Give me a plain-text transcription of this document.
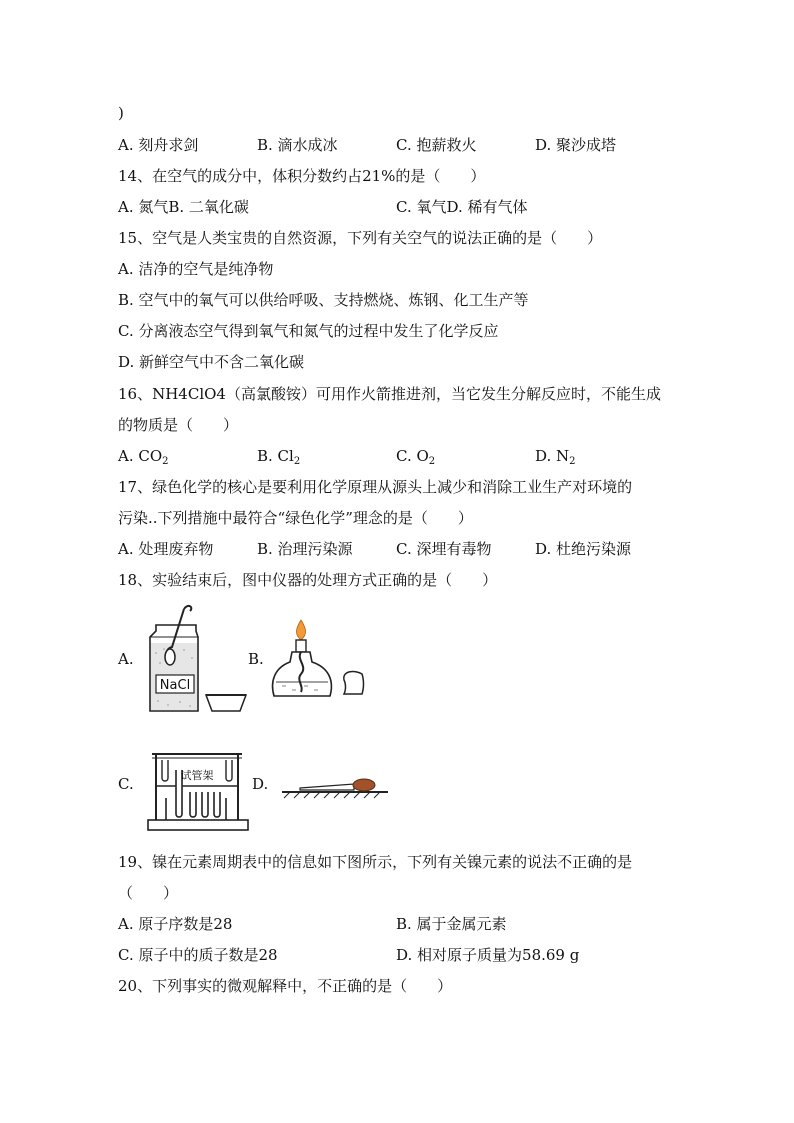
)
A. 刻舟求剑	B. 滴水成冰	C. 抱薪救火	D. 聚沙成塔
14、在空气的成分中，体积分数约占21%的是（　　）
A. 氮气B. 二氧化碳	C. 氧气D. 稀有气体
15、空气是人类宝贵的自然资源，下列有关空气的说法正确的是（　　）
A. 洁净的空气是纯净物
B. 空气中的氧气可以供给呼吸、支持燃烧、炼钢、化工生产等
C. 分离液态空气得到氧气和氮气的过程中发生了化学反应
D. 新鲜空气中不含二氧化碳
16、NH4ClO4（高氯酸铵）可用作火箭推进剂，当它发生分解反应时，不能生成
的物质是（　　）
A. $CO_2$	B. $Cl_2$	C. $O_2$	D. $N_2$
17、绿色化学的核心是要利用化学原理从源头上减少和消除工业生产对环境的
污染..下列措施中最符合“绿色化学”理念的是（　　）
A. 处理废弃物	B. 治理污染源	C. 深埋有毒物	D. 杜绝污染源
18、实验结束后，图中仪器的处理方式正确的是（　　）
A.
NaCl
B.
C.	试管架	D.
19、镍在元素周期表中的信息如下图所示，下列有关镍元素的说法不正确的是
（　　）
A. 原子序数是28	B. 属于金属元素
C. 原子中的质子数是28	D. 相对原子质量为58.69 g
20、下列事实的微观解释中，不正确的是（　　）
